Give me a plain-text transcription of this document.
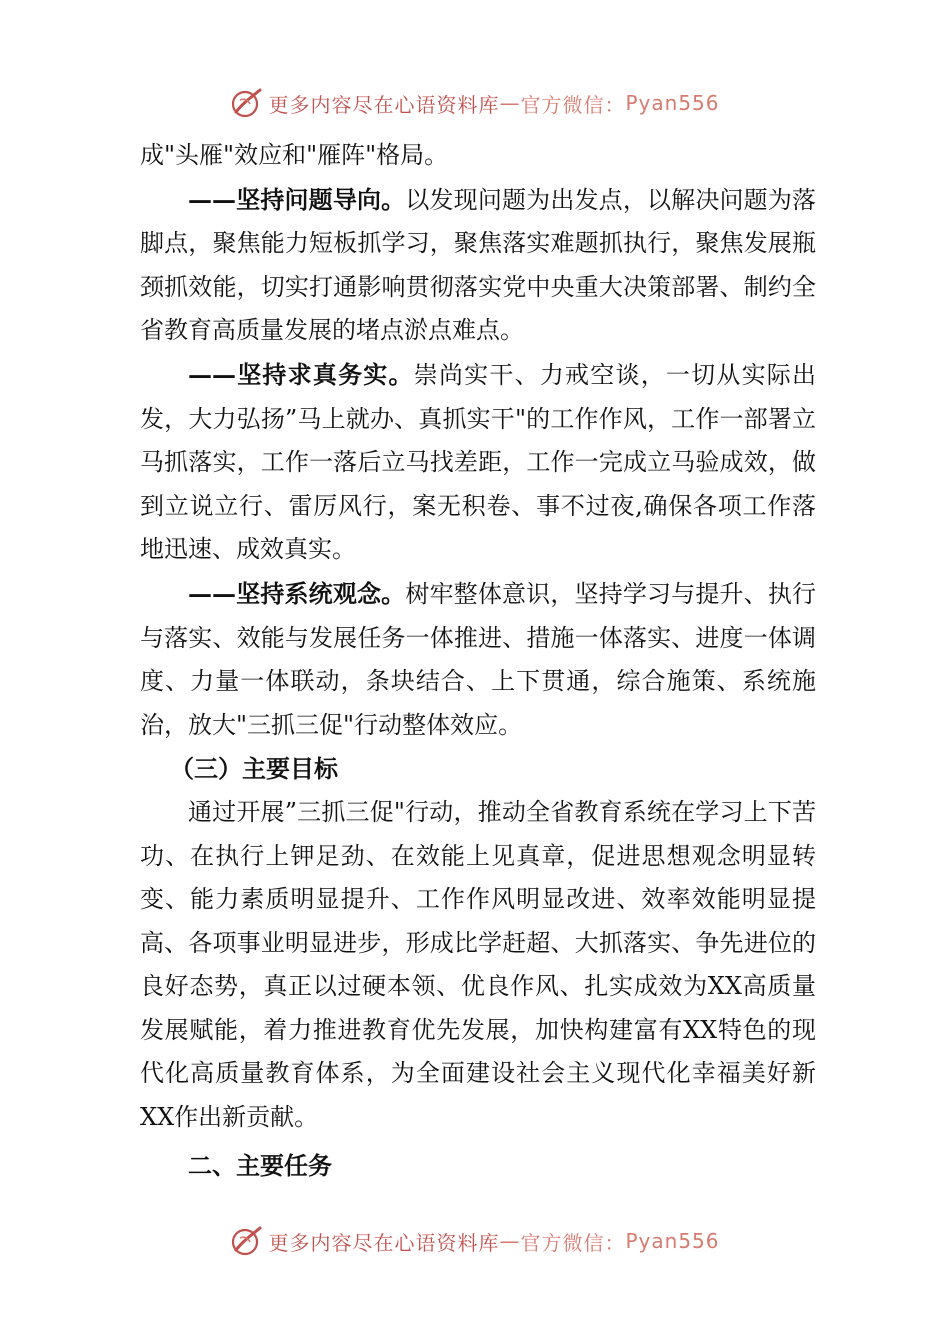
更多内容尽在心语资料库 — 官方微信： Pyan556

成"头雁"效应和"雁阵"格局。

——坚持问题导向。以发现问题为出发点，以解决问题为落脚点，聚焦能力短板抓学习，聚焦落实难题抓执行，聚焦发展瓶颈抓效能，切实打通影响贯彻落实党中央重大决策部署、制约全省教育高质量发展的堵点淤点难点。

——坚持求真务实。崇尚实干、力戒空谈，一切从实际出发，大力弘扬”马上就办、真抓实干"的工作作风，工作一部署立马抓落实，工作一落后立马找差距，工作一完成立马验成效，做到立说立行、雷厉风行，案无积卷、事不过夜,确保各项工作落地迅速、成效真实。

——坚持系统观念。树牢整体意识，坚持学习与提升、执行与落实、效能与发展任务一体推进、措施一体落实、进度一体调度、力量一体联动，条块结合、上下贯通，综合施策、系统施治，放大"三抓三促"行动整体效应。

（三）主要目标

通过开展”三抓三促"行动，推动全省教育系统在学习上下苦功、在执行上钾足劲、在效能上见真章，促进思想观念明显转变、能力素质明显提升、工作作风明显改进、效率效能明显提高、各项事业明显进步，形成比学赶超、大抓落实、争先进位的良好态势，真正以过硬本领、优良作风、扎实成效为XX高质量发展赋能，着力推进教育优先发展，加快构建富有XX特色的现代化高质量教育体系，为全面建设社会主义现代化幸福美好新XX作出新贡献。

二、主要任务

更多内容尽在心语资料库 — 官方微信： Pyan556
